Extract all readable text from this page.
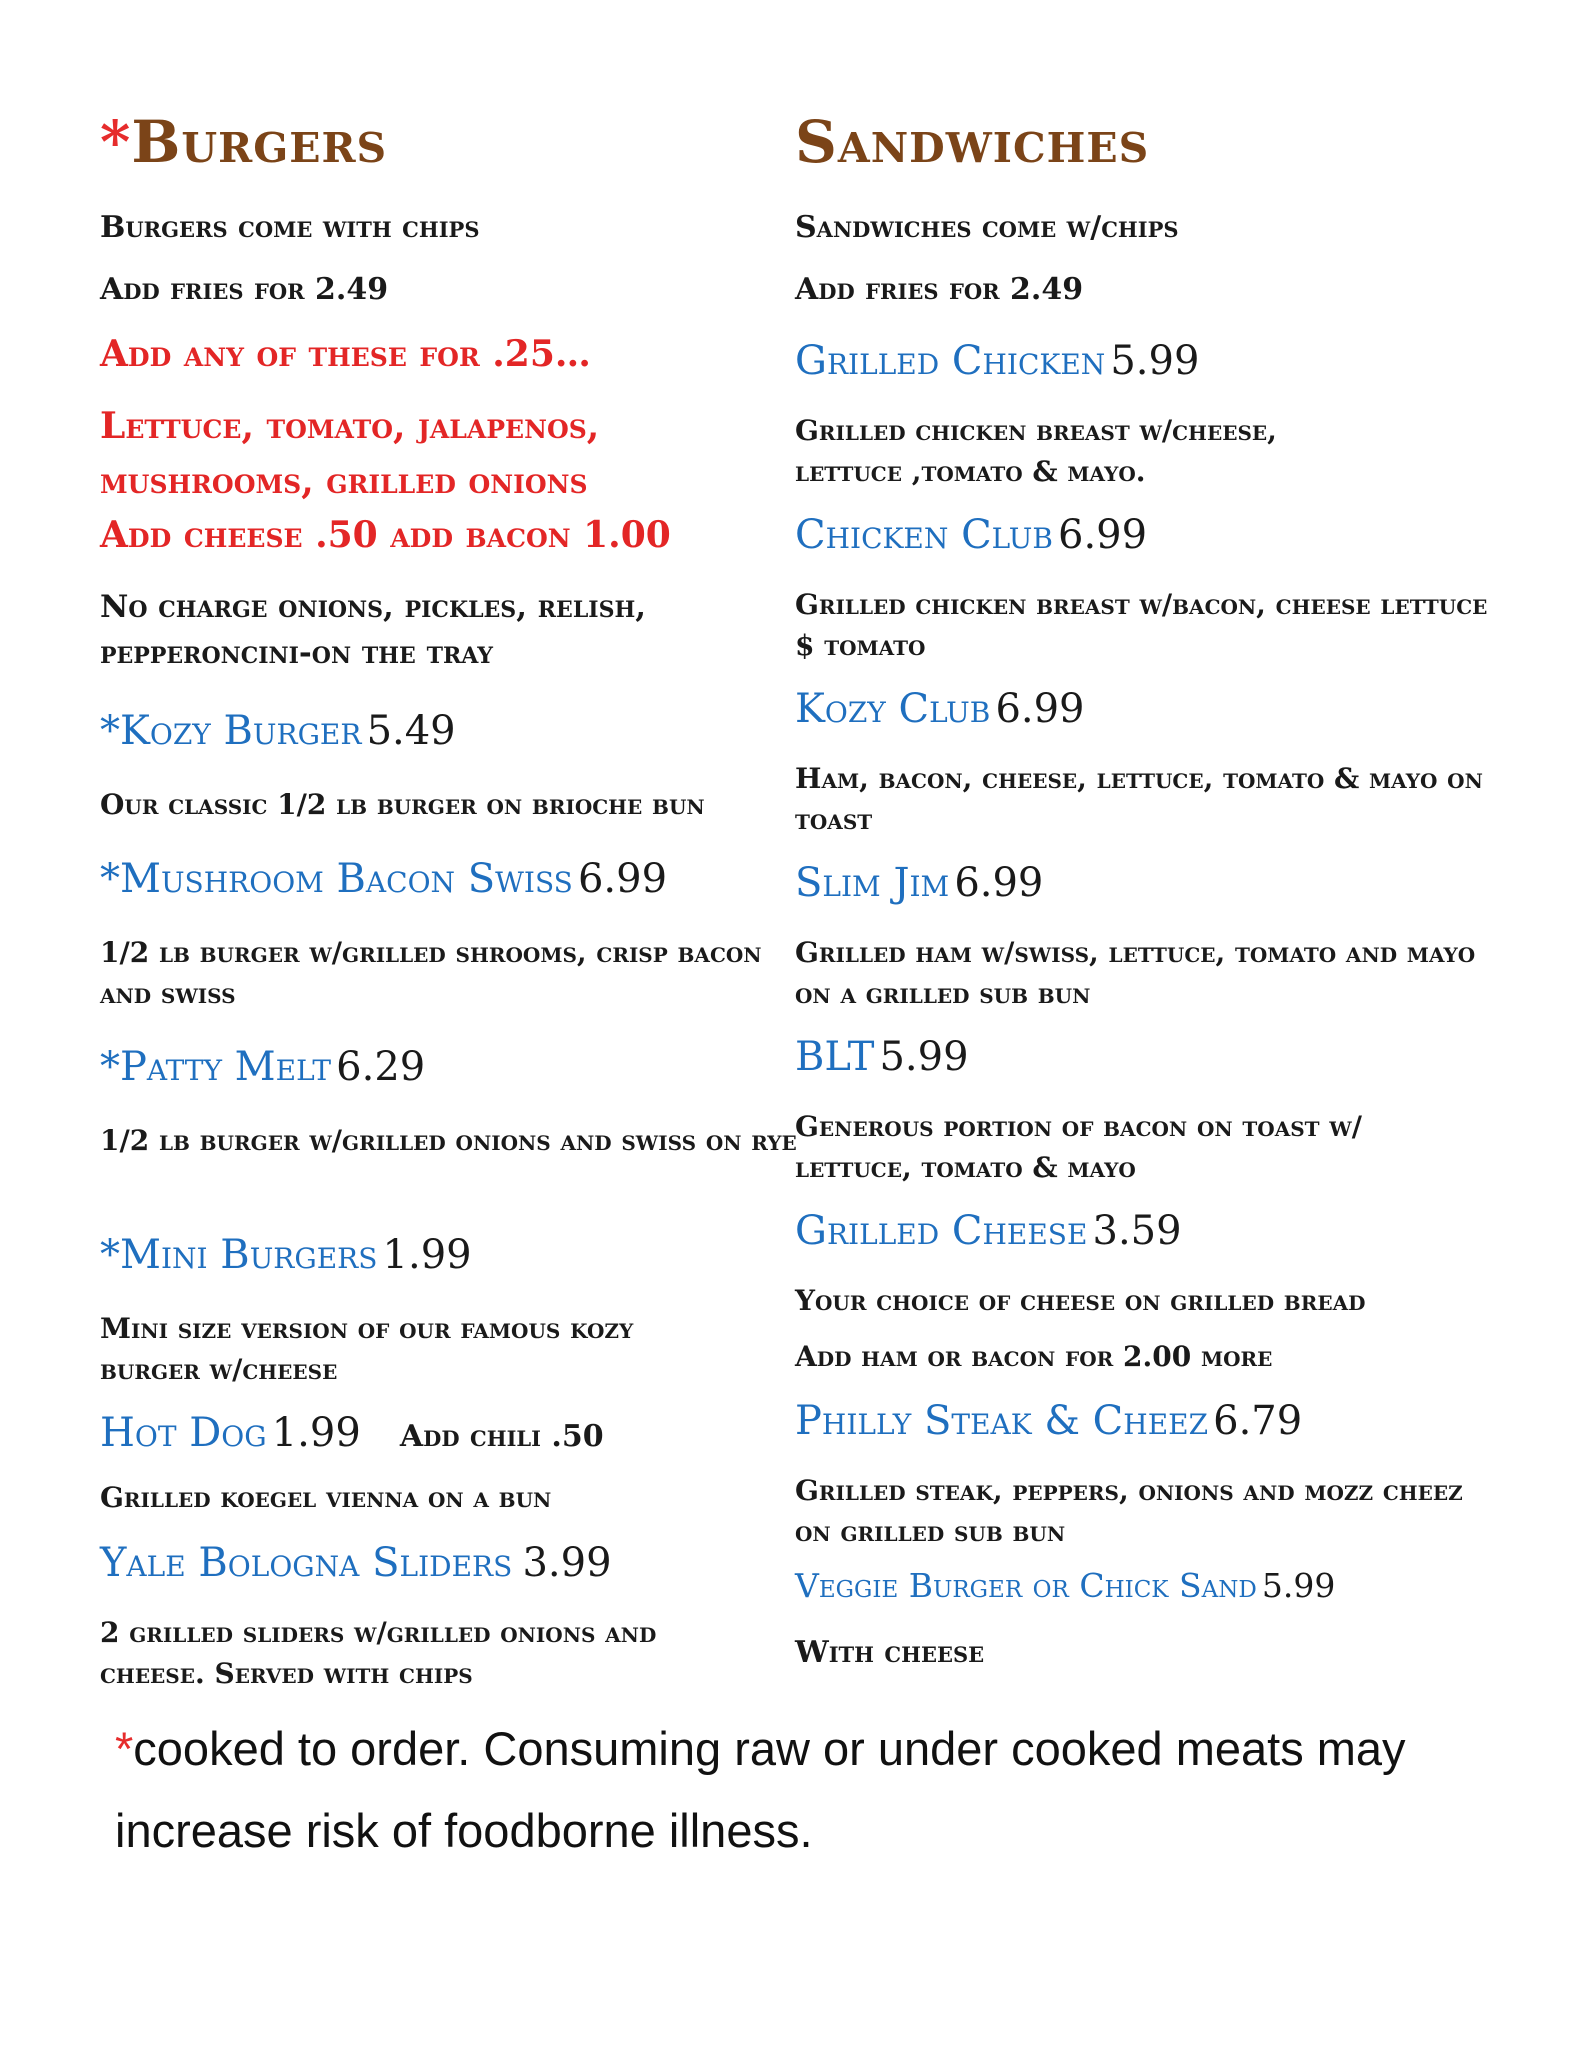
*Burgers
Burgers come with chips
Add fries for 2.49
Add any of these for .25…
Lettuce, tomato, jalapenos,
mushrooms, grilled onions
Add cheese .50 add bacon 1.00
No charge onions, pickles, relish, pepperoncini-on the tray
*Kozy Burger 5.49
Our classic 1/2 lb burger on brioche bun
*Mushroom Bacon Swiss 6.99
1/2 lb burger w/grilled shrooms, crisp bacon and swiss
*Patty Melt 6.29
1/2 lb burger w/grilled onions and swiss on rye
*Mini Burgers 1.99
Mini size version of our famous kozy burger w/cheese
Hot Dog 1.99 Add chili .50
Grilled koegel vienna on a bun
Yale Bologna Sliders 3.99
2 grilled sliders w/grilled onions and cheese. Served with chips
Sandwiches
Sandwiches come w/chips
Add fries for 2.49
Grilled Chicken 5.99
Grilled chicken breast w/cheese, lettuce ,tomato & mayo.
Chicken Club 6.99
Grilled chicken breast w/bacon, cheese lettuce $ tomato
Kozy Club 6.99
Ham, bacon, cheese, lettuce, tomato & mayo on toast
Slim Jim 6.99
Grilled ham w/swiss, lettuce, tomato and mayo on a grilled sub bun
BLT 5.99
Generous portion of bacon on toast w/ lettuce, tomato & mayo
Grilled Cheese 3.59
Your choice of cheese on grilled bread
Add ham or bacon for 2.00 more
Philly Steak & Cheez 6.79
Grilled steak, peppers, onions and mozz cheez on grilled sub bun
Veggie Burger or Chick Sand 5.99
With cheese
*cooked to order. Consuming raw or under cooked meats may increase risk of foodborne illness.
